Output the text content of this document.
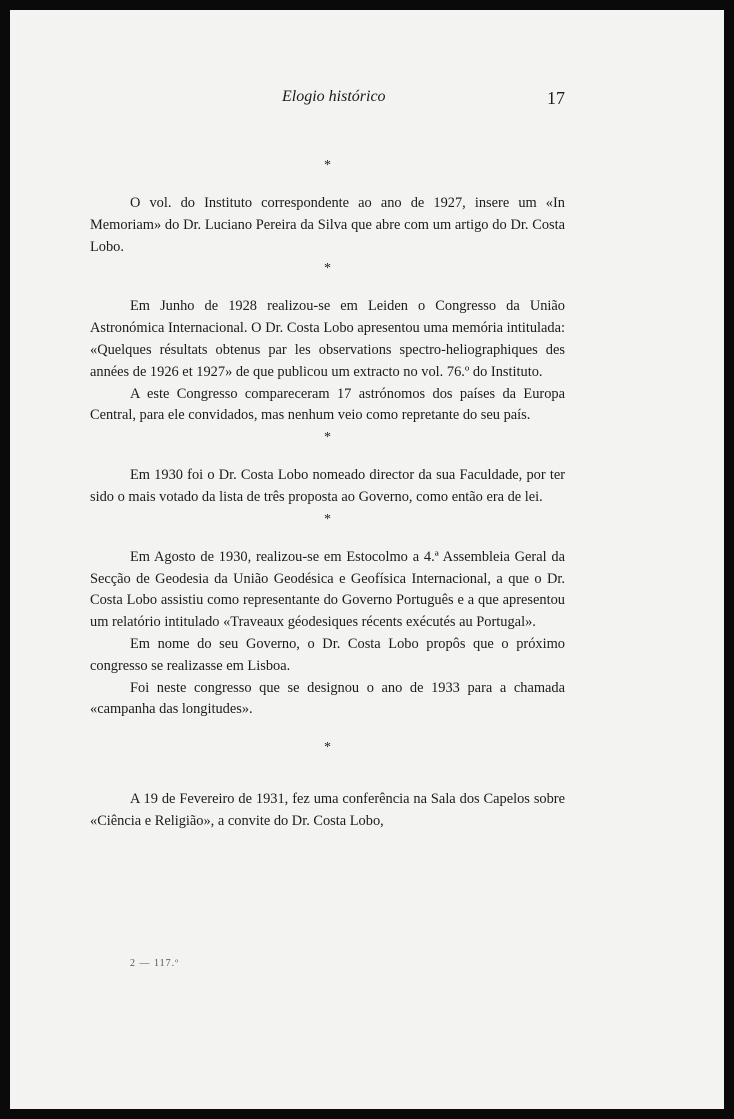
Elogio histórico	17
*

O vol. do Instituto correspondente ao ano de 1927, insere um «In Memoriam» do Dr. Luciano Pereira da Silva que abre com um artigo do Dr. Costa Lobo.

*

Em Junho de 1928 realizou-se em Leiden o Congresso da União Astronómica Internacional. O Dr. Costa Lobo apresentou uma memória intitulada: «Quelques résultats obtenus par les observations spectro-heliographiques des années de 1926 et 1927» de que publicou um extracto no vol. 76.º do Instituto.

A este Congresso compareceram 17 astrónomos dos países da Europa Central, para ele convidados, mas nenhum veio como repretante do seu país.

*

Em 1930 foi o Dr. Costa Lobo nomeado director da sua Faculdade, por ter sido o mais votado da lista de três proposta ao Governo, como então era de lei.

*

Em Agosto de 1930, realizou-se em Estocolmo a 4.ª Assembleia Geral da Secção de Geodesia da União Geodésica e Geofísica Internacional, a que o Dr. Costa Lobo assistiu como representante do Governo Português e a que apresentou um relatório intitulado «Traveaux géodesiques récents exécutés au Portugal».

Em nome do seu Governo, o Dr. Costa Lobo propôs que o próximo congresso se realizasse em Lisboa.

Foi neste congresso que se designou o ano de 1933 para a chamada «campanha das longitudes».

*

A 19 de Fevereiro de 1931, fez uma conferência na Sala dos Capelos sobre «Ciência e Religião», a convite do Dr. Costa Lobo,

2 — 117.º
